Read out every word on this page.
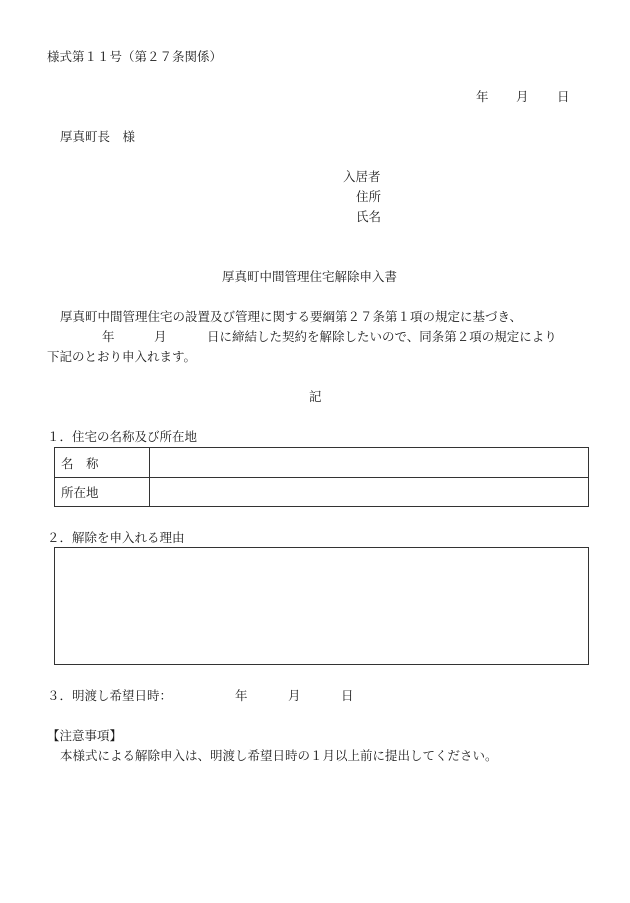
様式第１１号（第２７条関係）
年 月 日
厚真町長　様
入居者
住所
氏名
厚真町中間管理住宅解除申入書
厚真町中間管理住宅の設置及び管理に関する要綱第２７条第１項の規定に基づき、
年	月	日に締結した契約を解除したいので、同条第２項の規定により
下記のとおり申入れます。
記
１．住宅の名称及び所在地
名　称
所在地
２．解除を申入れる理由
３．明渡し希望日時：	年	月	日
【注意事項】
本様式による解除申入は、明渡し希望日時の１月以上前に提出してください。
